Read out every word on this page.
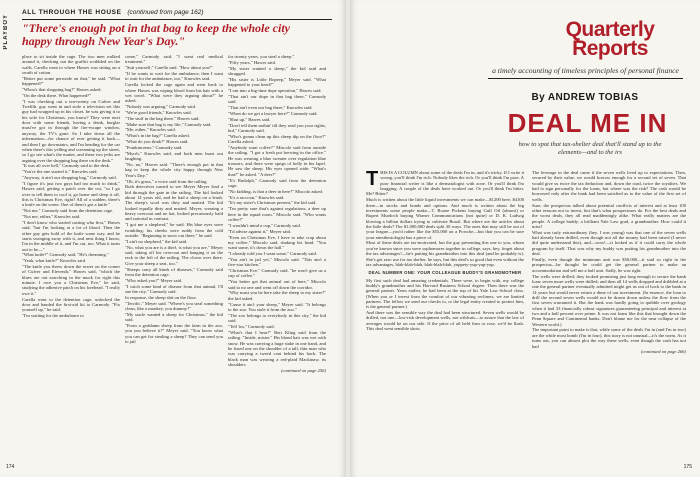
PLAYBOY
ALL THROUGH THE HOUSE (continued from page 162)
"There's enough pot in that bag to keep the whole city happy through New Year's Day."

place to sit inside the cage. The two men walked around it, checking out the graffiti scribbled on the walls. Carella went to where Hawes was sitting on a swath of cotton.

"Better put some peroxide on that," he said. "What happened?"

"Whoa's that shopping bag?" Hawes asked.

"On the desk there. What happened?"

"I was checking out a ten-twenty on Culver and Twelfth, guy went in and stole a television set this guy had wrapped up in his closet, he was giving it to his wife for Christmas, you know? They were next door with some friends, having a drink, burglar must've got in through the fire-escape window, anyway, the TV's gone. So I take down all the information—for chance of ever getting it back—and then I go downstairs, and I'm heading for the car when there's this yelling and screaming up the street, so I go see what's the matter, and these two jerks are arguing over the shopping bag there on the desk."

"It was all over hell," Carmody said to the desk.

"You're the one started it," Knowles said.

"Anyway, it ain't our shopping bag," Carmody said.

"I figure it's just two guys had too much to drink," Hawes said, getting a patch over the cut, "so I go over to tell them to cool it, go home and sleep it off, this is Christmas Eve, right? All of a sudden, there's a knife on the scene. One of them's got a knife."

"Not me," Carmody said from the detention cage.

"Not me, either," Knowles said.

"I don't know who started cutting who first," Hawes said, "but I'm looking at a lot of blood. Then the other guy gets hold of the knife some way, and he starts swinging away with it, and next thing I know, I'm in the middle of it, and I'm cut, too. What it turns out to be—"

"What knife?" Carmody said. "He's dreaming."

"Yeah, what knife?" Knowles said.

"The knife you threw down the sewer on the corner of Culver and Eleventh," Hawes said, "which the blues are out searching in the muck for right this minute. I owe you a Christmas Eve," he said, studying the adhesive patch on his forehead. "I really owe it."

Carella went to the detention cage, unlocked the door and handed the first-aid kit to Carmody. "Fix yourself up," he said.

"I'm waiting for the ambulance to

come," Carmody said. "I want real medical treatment."

"Suit yourself," Carella said. "How about you?"

"If he wants to wait for the ambulance, then I want to wait for the ambulance, too," Knowles said.

Carella locked the cage again and went back to where Hawes was wiping blood from his hair with a wet towel. "What were they arguing about?" he asked.

"Nobody was arguing," Carmody said.

"We're good friends," Knowles said.

"The stuff in the bag there," Hawes said.

"Make sure that bag is my life," Carmody said.

"Me, either," Knowles said.

"What's in the bag?" Carella asked.

"What do you think?" Hawes said.

"Frankincense," Carmody said.

"Myrrh," Knowles said, and both men burst out laughing.

"No, no," Hawes said. "There's enough pot in that bag to keep the whole city happy through New Year's Day."

"Oh, it's grass," a voice said from the railing.

Both detectives turned to see Meyer Meyer lead a kid through the gate in the railing. The kid looked about 14 years old, and he had a sheep on a leash. The sheep's wool was dirty and matted. The kid looked equally dirty and matted. Meyer, wearing a heavy overcoat and no hat, looked precariously bald and sartorial in contrast.

"I got me a shepherd," he said. His blue eyes were twinkling; his cheeks were ruddy from the cold outside. "Beginning to snow out there," he said.

"I ain't no shepherd," the kid said.

"No, what you are is a thief, is what you are," Meyer said, taking off his overcoat and hanging it on the rack to the left of the railing. The clown over there. Give your sheep a seat, too."

"Sheeps carry all kinds of diseases," Carmody said from the detention cage.

"Who asked you?" Meyer said.

"I catch some kind of disease from that animal, I'll sue the city," Carmody said.

In response, the sheep shit on the floor.

"Terrific," Meyer said. "Where's you steal something clean, like a monkey, you dummy?"

"My uncle wanted a sheep for Christmas," the kid said.

"From a goddamn sheep from the farm in the zoo, you you believe it?" Meyer said. "You know what you can get for stealing a sheep? They can send you to jail

for twenty years, you steal a sheep."

"Fifty years," Hawes said.

"My sister wanted a sheep," the kid said and shrugged.

"His sister is Little Bopeep," Meyer said. "What happened to your head?"

"I ran into a big-time dope operation," Hawes said.

"That ain't our dope in that bag there," Carmody said.

"That ain't even our bag there," Knowles said.

"When do we get a lawyer here?" Carmody said.

"Shut up," Hawes said.

"Don't tell them nothin' till they read you your rights, kid," Carmody said.

"Who's gonna clean up this sheep dip on the floor?" Carella asked.

"Anybody want coffee?" Miscolo said from outside the railing. "I got a fresh pot brewing in the office." He was wearing a blue sweater over regulation blue trousers, and there were sprigs of holly in his lapel. He saw the sheep. His eyes opened wide. "What's that?" he asked. "A deer?"

"It's Rudolph," Carmody said from the detention cage.

"No kidding, is that a deer in here?" Miscolo asked.

"It's a raccoon," Knowles said.

"It's my sister's Christmas present," the kid said.

"I'm pretty sure that's against regulations, a deer up here in the squad room," Miscolo said. "Who wants coffee?"

"I wouldn't mind a cup," Carmody said.

"I'd advise against it," Meyer said.

"Even on Christmas Eve, I have to take crap about my coffee," Miscolo said, shaking his head. "You want some, it's down the hall."

"I already told you I want some," Carmody said.

"You ain't in jail yet," Miscolo said. "This ain't a five-star kitchen."

"Christmas Eve," Carmody said, "he won't give us a cup of coffee."

"You better get that animal out of here," Miscolo said to no one and went off down the corridor.

"Why must you be here take the sheep to my sister?" the kid asked.

"Cause it ain't your sheep," Meyer said. "It belongs to the zoo. You stole it from the zoo."

"The zoo belongs to everybody in this city," the kid said.

"Tell 'im," Carmody said.

"What's that I hear?" Bert Kling said from the railing. "Inside, mister." His blond hair was wet with snow. He was carrying a huge stake in one hand, and he fused one on the shoulder of a tall, thin man who was carrying a tweed coat behind his back. The black man was wearing a red-plaid Mackinaw, its shoulders

(continued on page 256)

174
Quarterly
Reports
a timely accounting of timeless principles of personal finance
By ANDREW TOBIAS
DEAL ME IN
how to spot that tax-shelter deal that'll stand up to the elements—and to the irs

THIS IS A COLUMN about some of the deals I'm in, and it's tricky. If I write it wrong, you'll think I'm rich. Nobody likes the rich. Or you'll think I'm poor. A poor financial writer is like a dermatologist with acne. Or you'll think I'm bragging. A couple of the deals have worked out. Or you'll think I'm bitter. Me? Bitter?

Much is written about the little liquid investments we can make—$1200 here, $4100 there—in stocks and bonds and options. And much is written about the big investments some people make—T. Boone Pickens buying Gulf Oil (almost) or Rupert Murdoch buying Warner Communications (not quite) or D. K. Ludwig blowing a billion dollars trying to cultivate Brazil. But where are the articles about the little deals? The $1,000,000 deals split 30 ways. The ones that may still be out of your league—you'd rather like the $55,000 on a Porsche—but that you can be sure your anesthesiologist has a piece of.

Most of these deals are tax-motivated, but the guy presenting this one to you, whom you've known since you were sophomores together in college, says, hey, forget about the tax advantages!—he's putting his grandmother into this deal (and he probably is). She's got zero use for tax shelter, he says, but this deal's so good that even without the tax advantages, blah-blah-blah, blah-blah-blah, yuppety-yup-yup-yup.

DEAL NUMBER ONE: YOUR COLLEAGUE BUDDY'S GRANDMOTHER

My first such deal had amazing credentials. There were, to begin with, my college buddy's grandmother and his Harvard Business School degree. Then there was the general partner. Years earlier, he had been at the top of his Yale Law School class. (When you or I invest from the comfort of our vibrating recliners, we are limited partners. The fellow we send our checks to, or the legal entity created to protect him, is the general partner.)

And there was the sensible way the deal had been structured. Seven wells would be drilled, not one—low-risk development wells, not wildcats—to assure that the law of averages would be on our side. If the price of oil held firm or rose, we'd be flush. This deal went sensible shots.

The leverage in the deal came if the seven wells lived up to expectations. Then, secured by their value, we would borrow enough for a second set of seven. That would give us twice the tax deduction and, down the road, twice the royalties. We had to sign personally for the loans, but where was the risk? The cash would be borrowed only after the bank had been satisfied as to the value of the first set of wells.

Sure, the prospectus talked about potential conflicts of interest and at least 100 other reasons not to invest, but that's what prospectuses do. For the best deals and the worst deals, they all read maddeningly alike. What really matters are the people. A college buddy, a brilliant Yale Law grad, a grandmother. How could it miss?

What was truly extraordinary (hey, I was young) was that one of the seven wells had already been drilled, even though not all the money had been raised (I never did quite understand this), and—wow!—it looked as if it could carry the whole program by itself. That was why my buddy was putting his grandmother into the deal.

Finally, even though the minimum unit was $50,000—it said so right in the prospectus—he thought he could get the general partner to make an accommodation and sell me a half unit. Sadly, he was right.

The wells were drilled; they looked promising just long enough to secure the bank loan; seven more wells were drilled; and then all 14 wells dropped and dribbled at a rate the general partner eventually admitted might get us out of hock to the bank in 14 years but would never return a dime of our investment. (In essence, the loan to drill the second seven wells would not be drawn down unless the flow from the first seven warranted it. But the bank was hardly going to quibble over geology when it had 33 financially robust signatures guaranteeing principal and interest at two and a half percent over prime. It was not loans like this that brought down the Penn Square and Continental banks. Don't blame me for the near collapse of the Western world.)

The important point to make is that, while some of the deals I'm in (and I'm in two) are the while most bomb (I'm in four), this story is not unusual—it's the norm. As it turns out, you can almost plot the way these wells, even though the cash has not had

(continued on page 266)

175
